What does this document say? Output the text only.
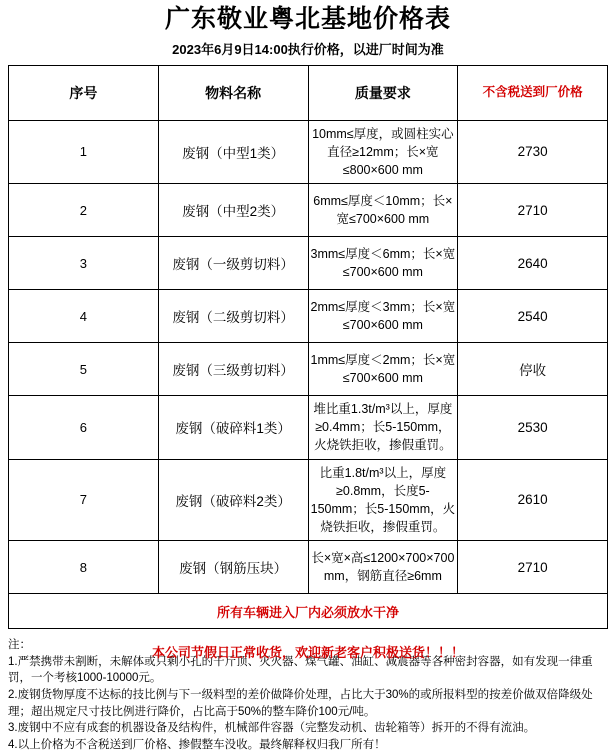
广东敬业粤北基地价格表
2023年6月9日14:00执行价格，以进厂时间为准
序号	物料名称	质量要求	不含税送到厂价格
1	废钢（中型1类）	10mm≤厚度，或圆柱实心直径≥12mm；长×宽≤800×600 mm	2730
2	废钢（中型2类）	6mm≤厚度＜10mm；长×宽≤700×600 mm	2710
3	废钢（一级剪切料）	3mm≤厚度＜6mm；长×宽≤700×600 mm	2640
4	废钢（二级剪切料）	2mm≤厚度＜3mm；长×宽≤700×600 mm	2540
5	废钢（三级剪切料）	1mm≤厚度＜2mm；长×宽≤700×600 mm	停收
6	废钢（破碎料1类）	堆比重1.3t/m³以上，厚度≥0.4mm；长5-150mm，火烧铁拒收，掺假重罚。	2530
7	废钢（破碎料2类）	比重1.8t/m³以上，厚度≥0.8mm，长度5-150mm；长5-150mm，火烧铁拒收，掺假重罚。	2610
8	废钢（钢筋压块）	长×宽×高≤1200×700×700 mm，钢筋直径≥6mm	2710
所有车辆进入厂内必须放水干净			

注：

1.严禁携带未割断，未解体或只剩小孔的千斤顶、灭火器、煤气罐、油缸、减震器等各种密封容器，如有发现一律重罚，一个考核1000-10000元。

2.废钢货物厚度不达标的技比例与下一级料型的差价做降价处理，占比大于30%的或所报料型的按差价做双倍降级处理；超出规定尺寸技比例进行降价，占比高于50%的整车降价100元/吨。

3.废钢中不应有成套的机器设备及结构件，机械部件容器（完整发动机、齿轮箱等）拆开的不得有流油。

4.以上价格为不含税送到厂价格、掺假整车没收。最终解释权归我厂所有！

本公司节假日正常收货，欢迎新老客户积极送货！！！
